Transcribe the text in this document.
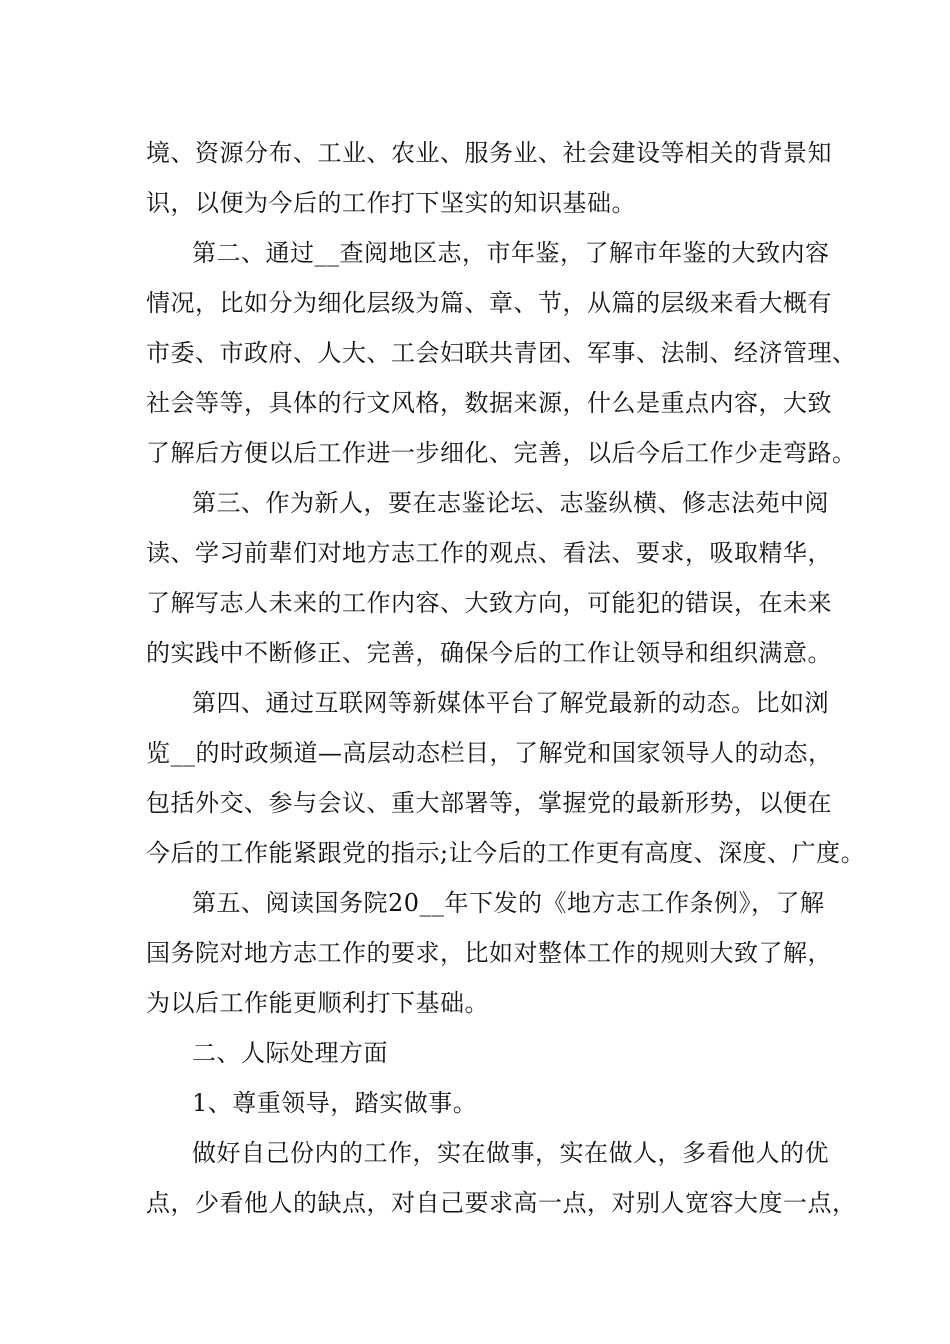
境、资源分布、工业、农业、服务业、社会建设等相关的背景知
识，以便为今后的工作打下坚实的知识基础。
第二、通过__查阅地区志，市年鉴，了解市年鉴的大致内容
情况，比如分为细化层级为篇、章、节，从篇的层级来看大概有
市委、市政府、人大、工会妇联共青团、军事、法制、经济管理、
社会等等，具体的行文风格，数据来源，什么是重点内容，大致
了解后方便以后工作进一步细化、完善，以后今后工作少走弯路。
第三、作为新人，要在志鉴论坛、志鉴纵横、修志法苑中阅
读、学习前辈们对地方志工作的观点、看法、要求，吸取精华，
了解写志人未来的工作内容、大致方向，可能犯的错误，在未来
的实践中不断修正、完善，确保今后的工作让领导和组织满意。
第四、通过互联网等新媒体平台了解党最新的动态。比如浏
览__的时政频道—高层动态栏目，了解党和国家领导人的动态，
包括外交、参与会议、重大部署等，掌握党的最新形势，以便在
今后的工作能紧跟党的指示;让今后的工作更有高度、深度、广度。
第五、阅读国务院20__年下发的《地方志工作条例》，了解
国务院对地方志工作的要求，比如对整体工作的规则大致了解，
为以后工作能更顺利打下基础。
二、人际处理方面
1、尊重领导，踏实做事。
做好自己份内的工作，实在做事，实在做人，多看他人的优
点，少看他人的缺点，对自己要求高一点，对别人宽容大度一点，
